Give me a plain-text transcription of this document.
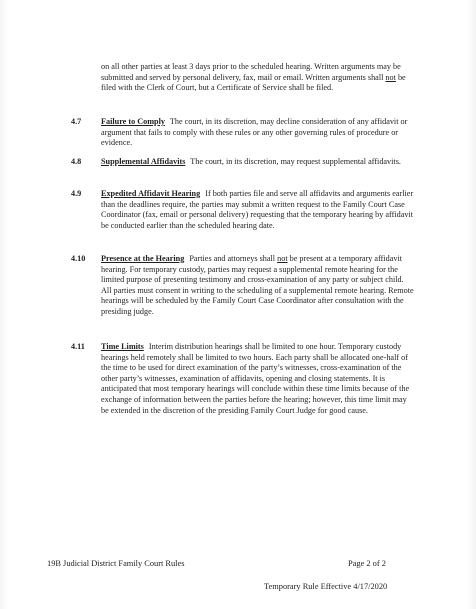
on all other parties at least 3 days prior to the scheduled hearing. Written arguments may be submitted and served by personal delivery, fax, mail or email. Written arguments shall not be filed with the Clerk of Court, but a Certificate of Service shall be filed.
4.7	Failure to Comply The court, in its discretion, may decline consideration of any affidavit or argument that fails to comply with these rules or any other governing rules of procedure or evidence.
4.8	Supplemental Affidavits The court, in its discretion, may request supplemental affidavits.
4.9	Expedited Affidavit Hearing If both parties file and serve all affidavits and arguments earlier than the deadlines require, the parties may submit a written request to the Family Court Case Coordinator (fax, email or personal delivery) requesting that the temporary hearing by affidavit be conducted earlier than the scheduled hearing date.
4.10	Presence at the Hearing Parties and attorneys shall not be present at a temporary affidavit hearing. For temporary custody, parties may request a supplemental remote hearing for the limited purpose of presenting testimony and cross-examination of any party or subject child. All parties must consent in writing to the scheduling of a supplemental remote hearing. Remote hearings will be scheduled by the Family Court Case Coordinator after consultation with the presiding judge.
4.11	Time Limits Interim distribution hearings shall be limited to one hour. Temporary custody hearings held remotely shall be limited to two hours. Each party shall be allocated one-half of the time to be used for direct examination of the party’s witnesses, cross-examination of the other party’s witnesses, examination of affidavits, opening and closing statements. It is anticipated that most temporary hearings will conclude within these time limits because of the exchange of information between the parties before the hearing; however, this time limit may be extended in the discretion of the presiding Family Court Judge for good cause.
19B Judicial District Family Court Rules	Page 2 of 2
Temporary Rule Effective 4/17/2020
